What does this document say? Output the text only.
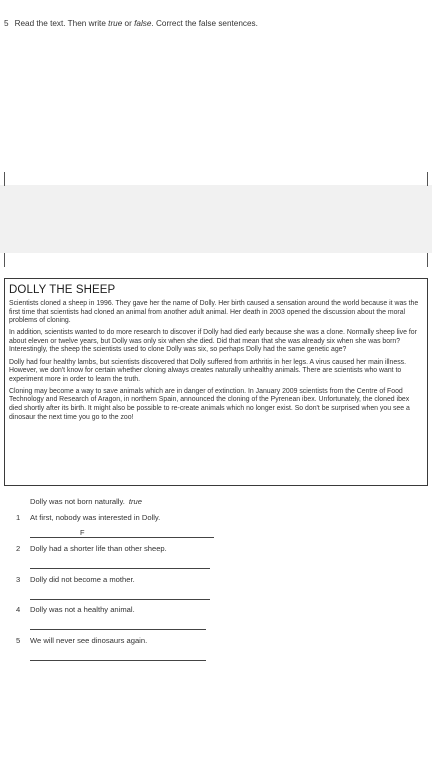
5 Read the text. Then write true or false. Correct the false sentences.
DOLLY THE SHEEP

Scientists cloned a sheep in 1996. They gave her the name of Dolly. Her birth caused a sensation around the world because it was the first time that scientists had cloned an animal from another adult animal. Her death in 2003 opened the discussion about the moral problems of cloning.

In addition, scientists wanted to do more research to discover if Dolly had died early because she was a clone. Normally sheep live for about eleven or twelve years, but Dolly was only six when she died. Did that mean that she was already six when she was born? Interestingly, the sheep the scientists used to clone Dolly was six, so perhaps Dolly had the same genetic age?

Dolly had four healthy lambs, but scientists discovered that Dolly suffered from arthritis in her legs. A virus caused her main illness. However, we don't know for certain whether cloning always creates naturally unhealthy animals. There are scientists who want to experiment more in order to learn the truth.

Cloning may become a way to save animals which are in danger of extinction. In January 2009 scientists from the Centre of Food Technology and Research of Aragon, in northern Spain, announced the cloning of the Pyrenean ibex. Unfortunately, the cloned ibex died shortly after its birth. It might also be possible to re-create animals which no longer exist. So don't be surprised when you see a dinosaur the next time you go to the zoo!

Dolly was not born naturally. true
1 At first, nobody was interested in Dolly.
F
2 Dolly had a shorter life than other sheep.
3 Dolly did not become a mother.
4 Dolly was not a healthy animal.
5 We will never see dinosaurs again.
